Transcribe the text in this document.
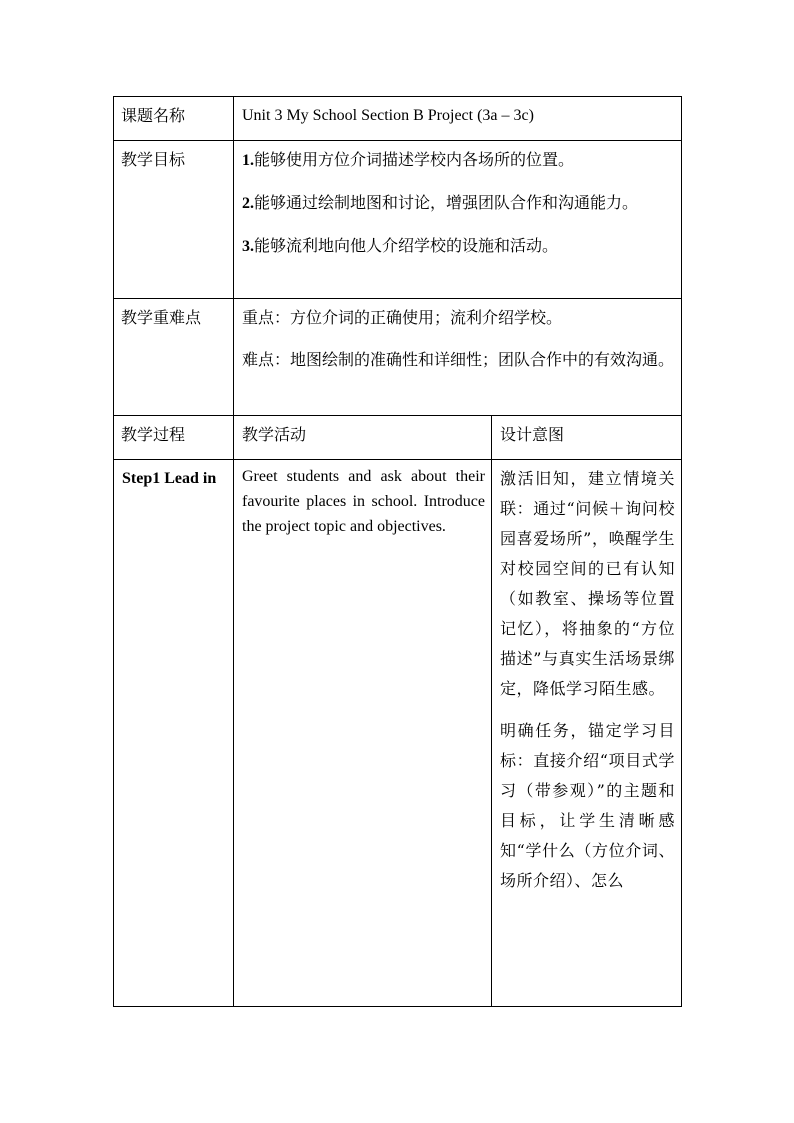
课题名称	Unit 3 My School Section B Project (3a – 3c)	

教学目标	1.能够使用方位介词描述学校内各场所的位置。

2.能够通过绘制地图和讨论，增强团队合作和沟通能力。

3.能够流利地向他人介绍学校的设施和活动。	

教学重难点	重点：方位介词的正确使用；流利介绍学校。

难点：地图绘制的准确性和详细性；团队合作中的有效沟通。	

教学过程	教学活动	设计意图

Step1 Lead in	Greet students and ask about their favourite places in school. Introduce the project topic and objectives.	激活旧知，建立情境关联：通过“问候＋询问校园喜爱场所”，唤醒学生对校园空间的已有认知（如教室、操场等位置记忆），将抽象的“方位描述”与真实生活场景绑定，降低学习陌生感。

明确任务，锚定学习目标：直接介绍“项目式学习（带参观）”的主题和目标，让学生清晰感知“学什么（方位介词、场所介绍）、怎么
